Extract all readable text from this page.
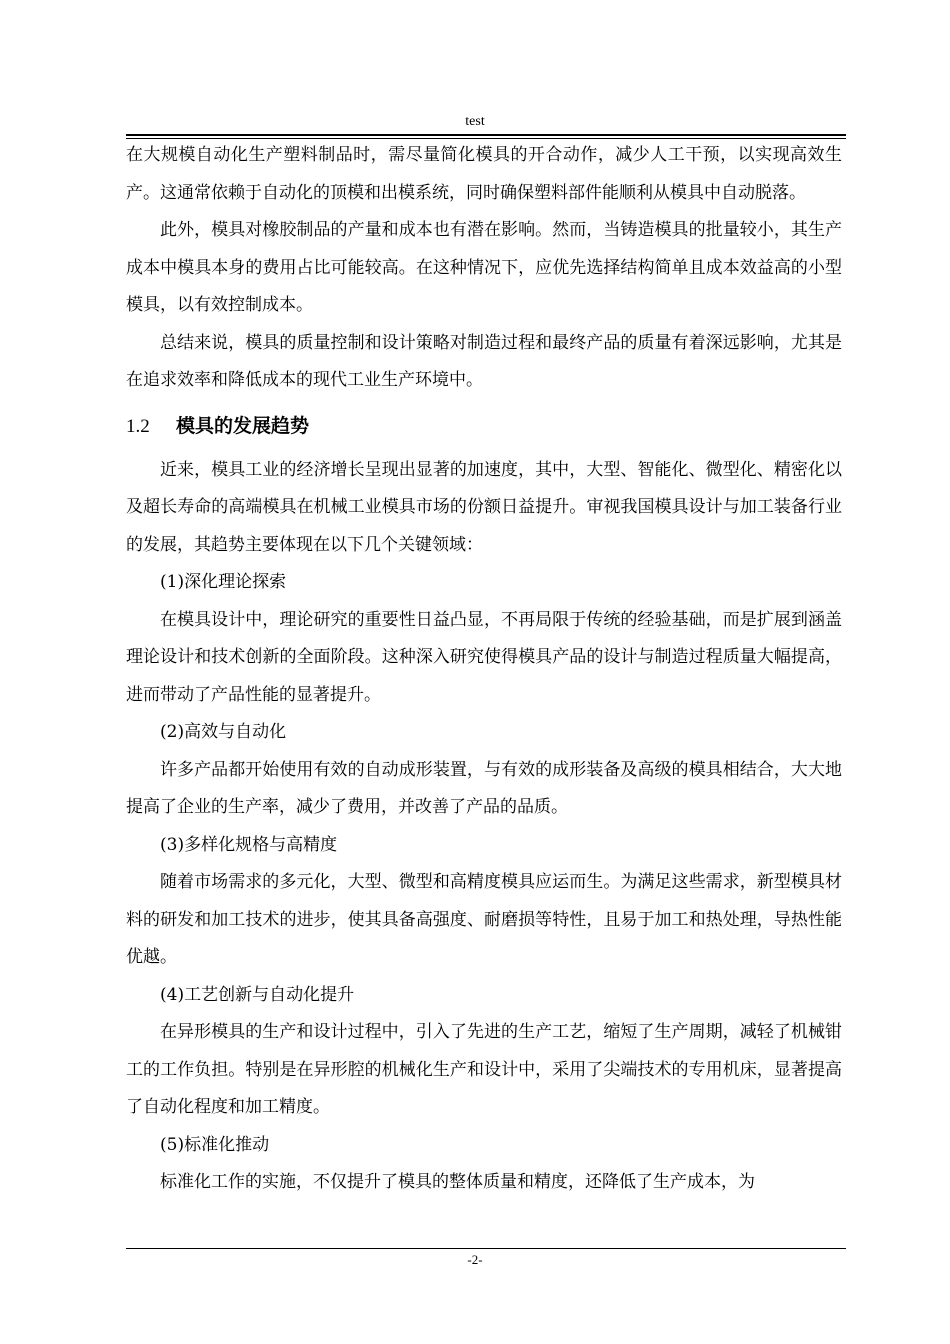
test

在大规模自动化生产塑料制品时，需尽量简化模具的开合动作，减少人工干预，以实现高效生产。这通常依赖于自动化的顶模和出模系统，同时确保塑料部件能顺利从模具中自动脱落。

此外，模具对橡胶制品的产量和成本也有潜在影响。然而，当铸造模具的批量较小，其生产成本中模具本身的费用占比可能较高。在这种情况下，应优先选择结构简单且成本效益高的小型模具，以有效控制成本。

总结来说，模具的质量控制和设计策略对制造过程和最终产品的质量有着深远影响，尤其是在追求效率和降低成本的现代工业生产环境中。

1.2 模具的发展趋势

近来，模具工业的经济增长呈现出显著的加速度，其中，大型、智能化、微型化、精密化以及超长寿命的高端模具在机械工业模具市场的份额日益提升。审视我国模具设计与加工装备行业的发展，其趋势主要体现在以下几个关键领域：

(1)深化理论探索

在模具设计中，理论研究的重要性日益凸显，不再局限于传统的经验基础，而是扩展到涵盖理论设计和技术创新的全面阶段。这种深入研究使得模具产品的设计与制造过程质量大幅提高，进而带动了产品性能的显著提升。

(2)高效与自动化

许多产品都开始使用有效的自动成形装置，与有效的成形装备及高级的模具相结合，大大地提高了企业的生产率，减少了费用，并改善了产品的品质。

(3)多样化规格与高精度

随着市场需求的多元化，大型、微型和高精度模具应运而生。为满足这些需求，新型模具材料的研发和加工技术的进步，使其具备高强度、耐磨损等特性，且易于加工和热处理，导热性能优越。

(4)工艺创新与自动化提升

在异形模具的生产和设计过程中，引入了先进的生产工艺，缩短了生产周期，减轻了机械钳工的工作负担。特别是在异形腔的机械化生产和设计中，采用了尖端技术的专用机床，显著提高了自动化程度和加工精度。

(5)标准化推动

标准化工作的实施，不仅提升了模具的整体质量和精度，还降低了生产成本，为

-2-
